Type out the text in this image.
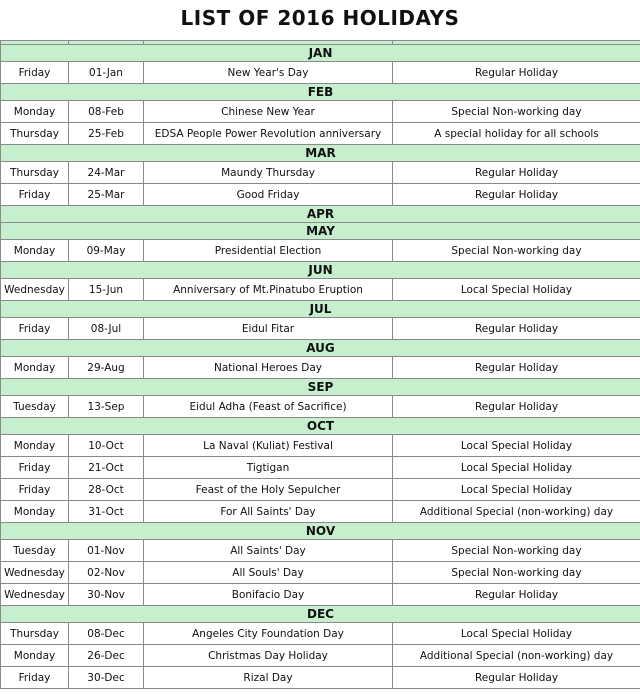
LIST OF 2016 HOLIDAYS

JAN			
Friday	01-Jan	New Year's Day	Regular Holiday
FEB			
Monday	08-Feb	Chinese New Year	Special Non-working day
Thursday	25-Feb	EDSA People Power Revolution anniversary	A special holiday for all schools
MAR			
Thursday	24-Mar	Maundy Thursday	Regular Holiday
Friday	25-Mar	Good Friday	Regular Holiday
APR			
MAY			
Monday	09-May	Presidential Election	Special Non-working day
JUN			
Wednesday	15-Jun	Anniversary of Mt.Pinatubo Eruption	Local Special Holiday
JUL			
Friday	08-Jul	Eidul Fitar	Regular Holiday
AUG			
Monday	29-Aug	National Heroes Day	Regular Holiday
SEP			
Tuesday	13-Sep	Eidul Adha (Feast of Sacrifice)	Regular Holiday
OCT			
Monday	10-Oct	La Naval (Kuliat) Festival	Local Special Holiday
Friday	21-Oct	Tigtigan	Local Special Holiday
Friday	28-Oct	Feast of the Holy Sepulcher	Local Special Holiday
Monday	31-Oct	For All Saints' Day	Additional Special (non-working) day
NOV			
Tuesday	01-Nov	All Saints' Day	Special Non-working day
Wednesday	02-Nov	All Souls' Day	Special Non-working day
Wednesday	30-Nov	Bonifacio Day	Regular Holiday
DEC			
Thursday	08-Dec	Angeles City Foundation Day	Local Special Holiday
Monday	26-Dec	Christmas Day Holiday	Additional Special (non-working) day
Friday	30-Dec	Rizal Day	Regular Holiday
